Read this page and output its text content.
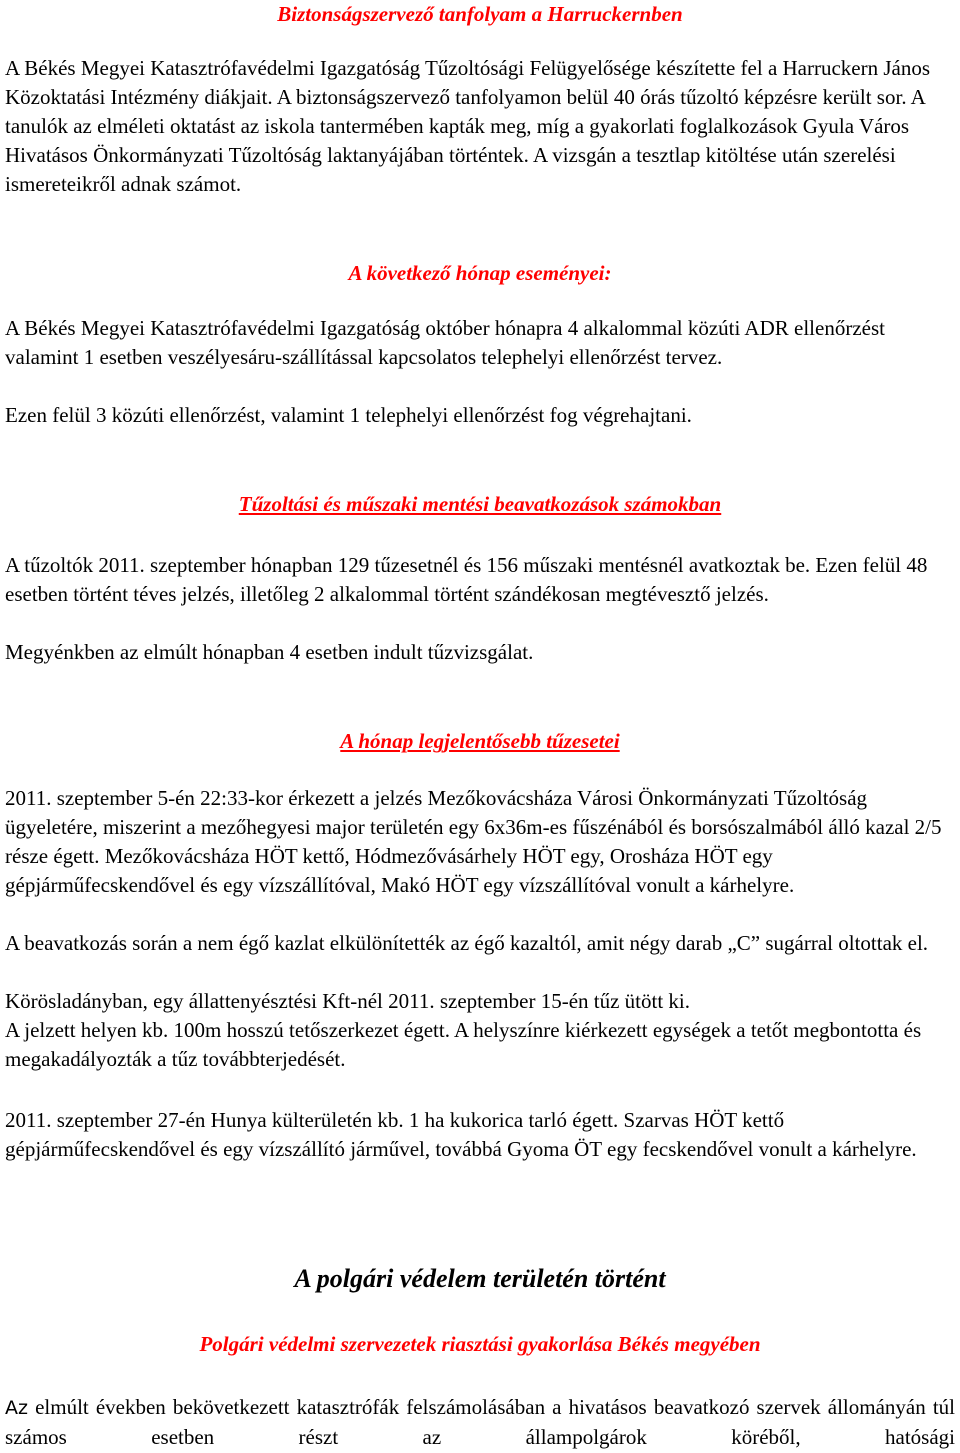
Biztonságszervező tanfolyam a Harruckernben

A Békés Megyei Katasztrófavédelmi Igazgatóság Tűzoltósági Felügyelősége készítette fel a Harruckern János Közoktatási Intézmény diákjait. A biztonságszervező tanfolyamon belül 40 órás tűzoltó képzésre került sor. A tanulók az elméleti oktatást az iskola tantermében kapták meg, míg a gyakorlati foglalkozások Gyula Város Hivatásos Önkormányzati Tűzoltóság laktanyájában történtek. A vizsgán a tesztlap kitöltése után szerelési ismereteikről adnak számot.

A következő hónap eseményei:

A Békés Megyei Katasztrófavédelmi Igazgatóság október hónapra 4 alkalommal közúti ADR ellenőrzést valamint 1 esetben veszélyesáru-szállítással kapcsolatos telephelyi ellenőrzést tervez.

Ezen felül 3 közúti ellenőrzést, valamint 1 telephelyi ellenőrzést fog végrehajtani.

Tűzoltási és műszaki mentési beavatkozások számokban

A tűzoltók 2011. szeptember hónapban 129 tűzesetnél és 156 műszaki mentésnél avatkoztak be. Ezen felül 48 esetben történt téves jelzés, illetőleg 2 alkalommal történt szándékosan megtévesztő jelzés.

Megyénkben az elmúlt hónapban 4 esetben indult tűzvizsgálat.

A hónap legjelentősebb tűzesetei

2011. szeptember 5-én 22:33-kor érkezett a jelzés Mezőkovácsháza Városi Önkormányzati Tűzoltóság ügyeletére, miszerint a mezőhegyesi major területén egy 6x36m-es fűszénából és borsószalmából álló kazal 2/5 része égett. Mezőkovácsháza HÖT kettő, Hódmezővásárhely HÖT egy, Orosháza HÖT egy gépjárműfecskendővel és egy vízszállítóval, Makó HÖT egy vízszállítóval vonult a kárhelyre.

A beavatkozás során a nem égő kazlat elkülönítették az égő kazaltól, amit négy darab „C” sugárral oltottak el.

Körösladányban, egy állattenyésztési Kft-nél 2011. szeptember 15-én tűz ütött ki.

A jelzett helyen kb. 100m hosszú tetőszerkezet égett. A helyszínre kiérkezett egységek a tetőt megbontotta és megakadályozták a tűz továbbterjedését.

2011. szeptember 27-én Hunya külterületén kb. 1 ha kukorica tarló égett. Szarvas HÖT kettő gépjárműfecskendővel és egy vízszállító járművel, továbbá Gyoma ÖT egy fecskendővel vonult a kárhelyre.

A polgári védelem területén történt
Polgári védelmi szervezetek riasztási gyakorlása Békés megyében

Az elmúlt években bekövetkezett katasztrófák felszámolásában a hivatásos beavatkozó szervek állományán túl számos esetben részt az állampolgárok köréből, hatósági
